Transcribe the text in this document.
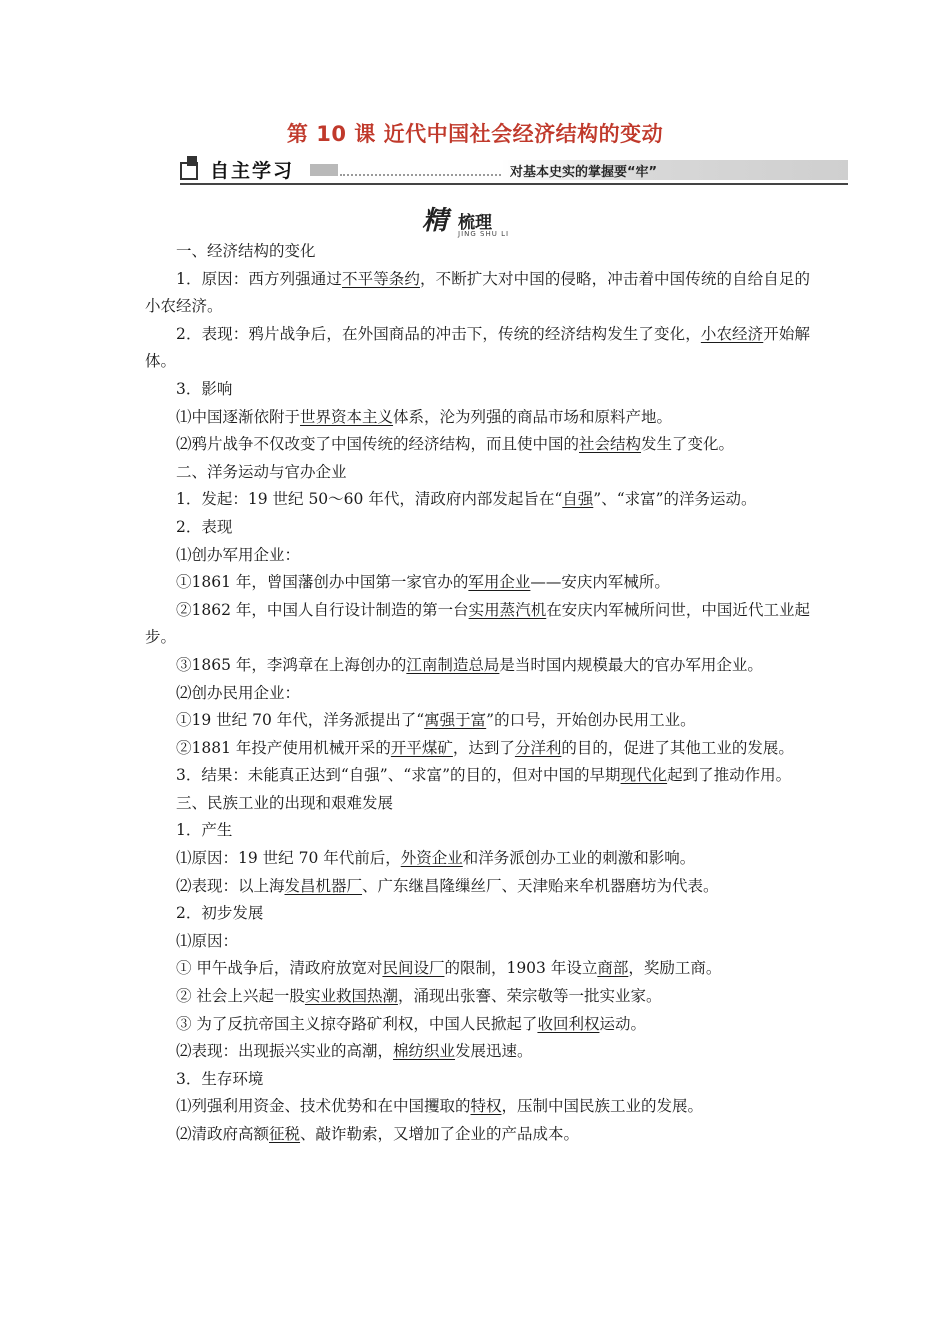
第 10 课 近代中国社会经济结构的变动
自主学习	对基本史实的掌握要“牢”
精 梳理
JING SHU LI

一、经济结构的变化

1．原因：西方列强通过不平等条约，不断扩大对中国的侵略，冲击着中国传统的自给自足的小农经济。

2．表现：鸦片战争后，在外国商品的冲击下，传统的经济结构发生了变化，小农经济开始解体。

3．影响

⑴中国逐渐依附于世界资本主义体系，沦为列强的商品市场和原料产地。

⑵鸦片战争不仅改变了中国传统的经济结构，而且使中国的社会结构发生了变化。

二、洋务运动与官办企业

1．发起：19 世纪 50～60 年代，清政府内部发起旨在“自强”、“求富”的洋务运动。

2．表现

⑴创办军用企业：

①1861 年，曾国藩创办中国第一家官办的军用企业——安庆内军械所。

②1862 年，中国人自行设计制造的第一台实用蒸汽机在安庆内军械所问世，中国近代工业起步。

③1865 年，李鸿章在上海创办的江南制造总局是当时国内规模最大的官办军用企业。

⑵创办民用企业：

①19 世纪 70 年代，洋务派提出了“寓强于富”的口号，开始创办民用工业。

②1881 年投产使用机械开采的开平煤矿，达到了分洋利的目的，促进了其他工业的发展。

3．结果：未能真正达到“自强”、“求富”的目的，但对中国的早期现代化起到了推动作用。

三、民族工业的出现和艰难发展

1．产生

⑴原因：19 世纪 70 年代前后，外资企业和洋务派创办工业的刺激和影响。

⑵表现：以上海发昌机器厂、广东继昌隆缫丝厂、天津贻来牟机器磨坊为代表。

2．初步发展

⑴原因：

① 甲午战争后，清政府放宽对民间设厂的限制，1903 年设立商部，奖励工商。

② 社会上兴起一股实业救国热潮，涌现出张謇、荣宗敬等一批实业家。

③ 为了反抗帝国主义掠夺路矿利权，中国人民掀起了收回利权运动。

⑵表现：出现振兴实业的高潮，棉纺织业发展迅速。

3．生存环境

⑴列强利用资金、技术优势和在中国攫取的特权，压制中国民族工业的发展。

⑵清政府高额征税、敲诈勒索，又增加了企业的产品成本。
